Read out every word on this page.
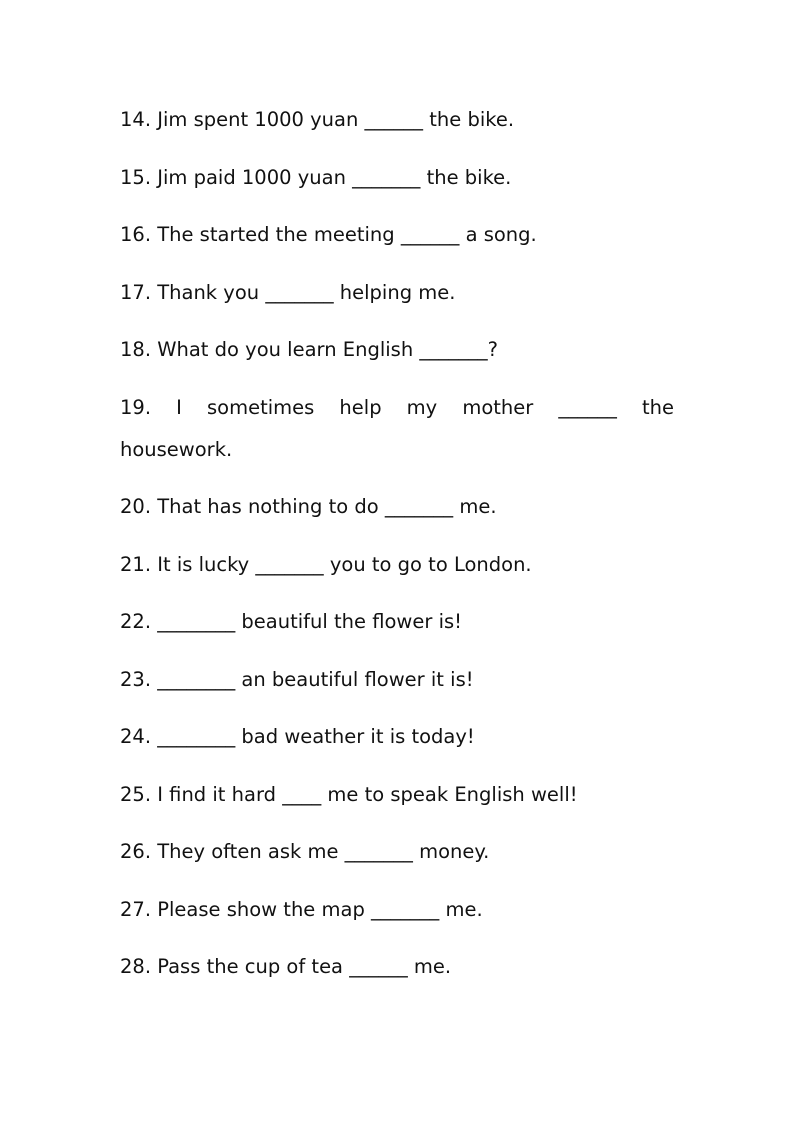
14. Jim spent 1000 yuan ______ the bike.
15. Jim paid 1000 yuan _______ the bike.
16. The started the meeting ______ a song.
17. Thank you _______ helping me.
18. What do you learn English _______?
19. I sometimes help my mother ______ the
housework.
20. That has nothing to do _______ me.
21. It is lucky _______ you to go to London.
22. ________ beautiful the flower is!
23. ________ an beautiful flower it is!
24. ________ bad weather it is today!
25. I find it hard ____ me to speak English well!
26. They often ask me _______ money.
27. Please show the map _______ me.
28. Pass the cup of tea ______ me.
